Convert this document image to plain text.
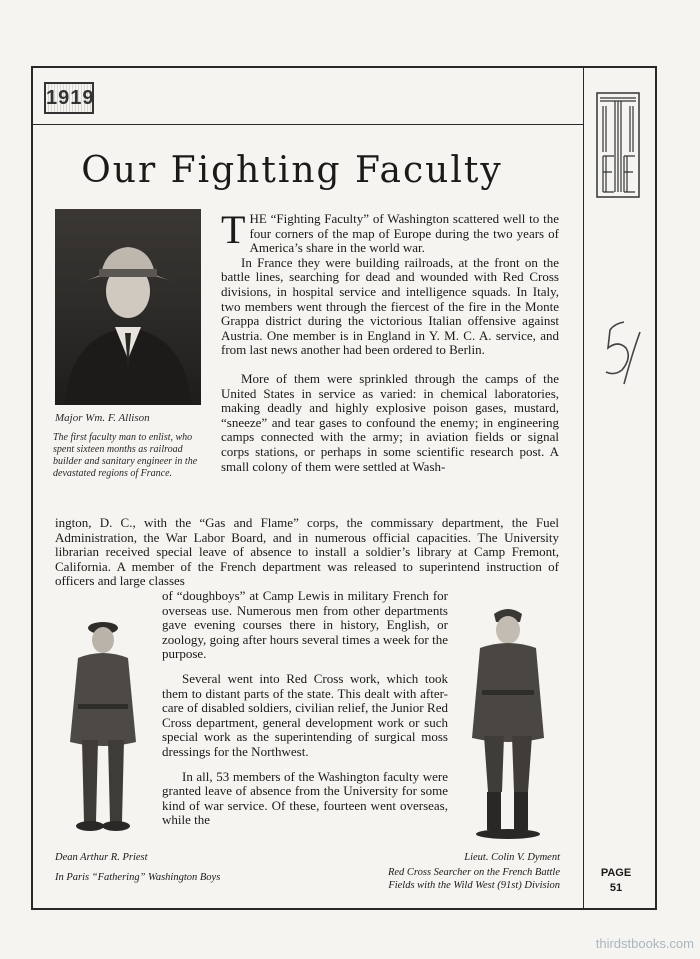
1919
Our Fighting Faculty
Major Wm. F. Allison
The first faculty man to enlist, who spent sixteen months as railroad builder and sanitary engineer in the devastated regions of France.

THE “Fighting Faculty” of Washington scattered well to the four corners of the map of Europe during the two years of America’s share in the world war.

In France they were building railroads, at the front on the battle lines, searching for dead and wounded with Red Cross divisions, in hospital service and intelligence squads. In Italy, two members went through the fiercest of the fire in the Monte Grappa district during the victorious Italian offensive against Austria. One member is in England in Y. M. C. A. service, and from last news another had been ordered to Berlin.

More of them were sprinkled through the camps of the United States in service as varied: in chemical laboratories, making deadly and highly explosive poison gases, mustard, “sneeze” and tear gases to confound the enemy; in engineering camps connected with the army; in aviation fields or signal corps stations, or perhaps in some scientific research post. A small colony of them were settled at Wash-

ington, D. C., with the “Gas and Flame” corps, the commissary department, the Fuel Administration, the War Labor Board, and in numerous official capacities. The University librarian received special leave of absence to install a soldier’s library at Camp Fremont, California. A member of the French department was released to superintend instruction of officers and large classes

of “doughboys” at Camp Lewis in military French for overseas use. Numerous men from other departments gave evening courses there in history, English, or zoology, going after hours several times a week for the purpose.

Several went into Red Cross work, which took them to distant parts of the state. This dealt with after-care of disabled soldiers, civilian relief, the Junior Red Cross department, general development work or such special work as the superintending of surgical moss dressings for the Northwest.

In all, 53 members of the Washington faculty were granted leave of absence from the University for some kind of war service. Of these, fourteen went overseas, while the

Dean Arthur R. Priest
In Paris “Fathering” Washington Boys
Lieut. Colin V. Dyment
Red Cross Searcher on the French Battle
Fields with the Wild West (91st) Division
PAGE
51
5
thirdstbooks.com
